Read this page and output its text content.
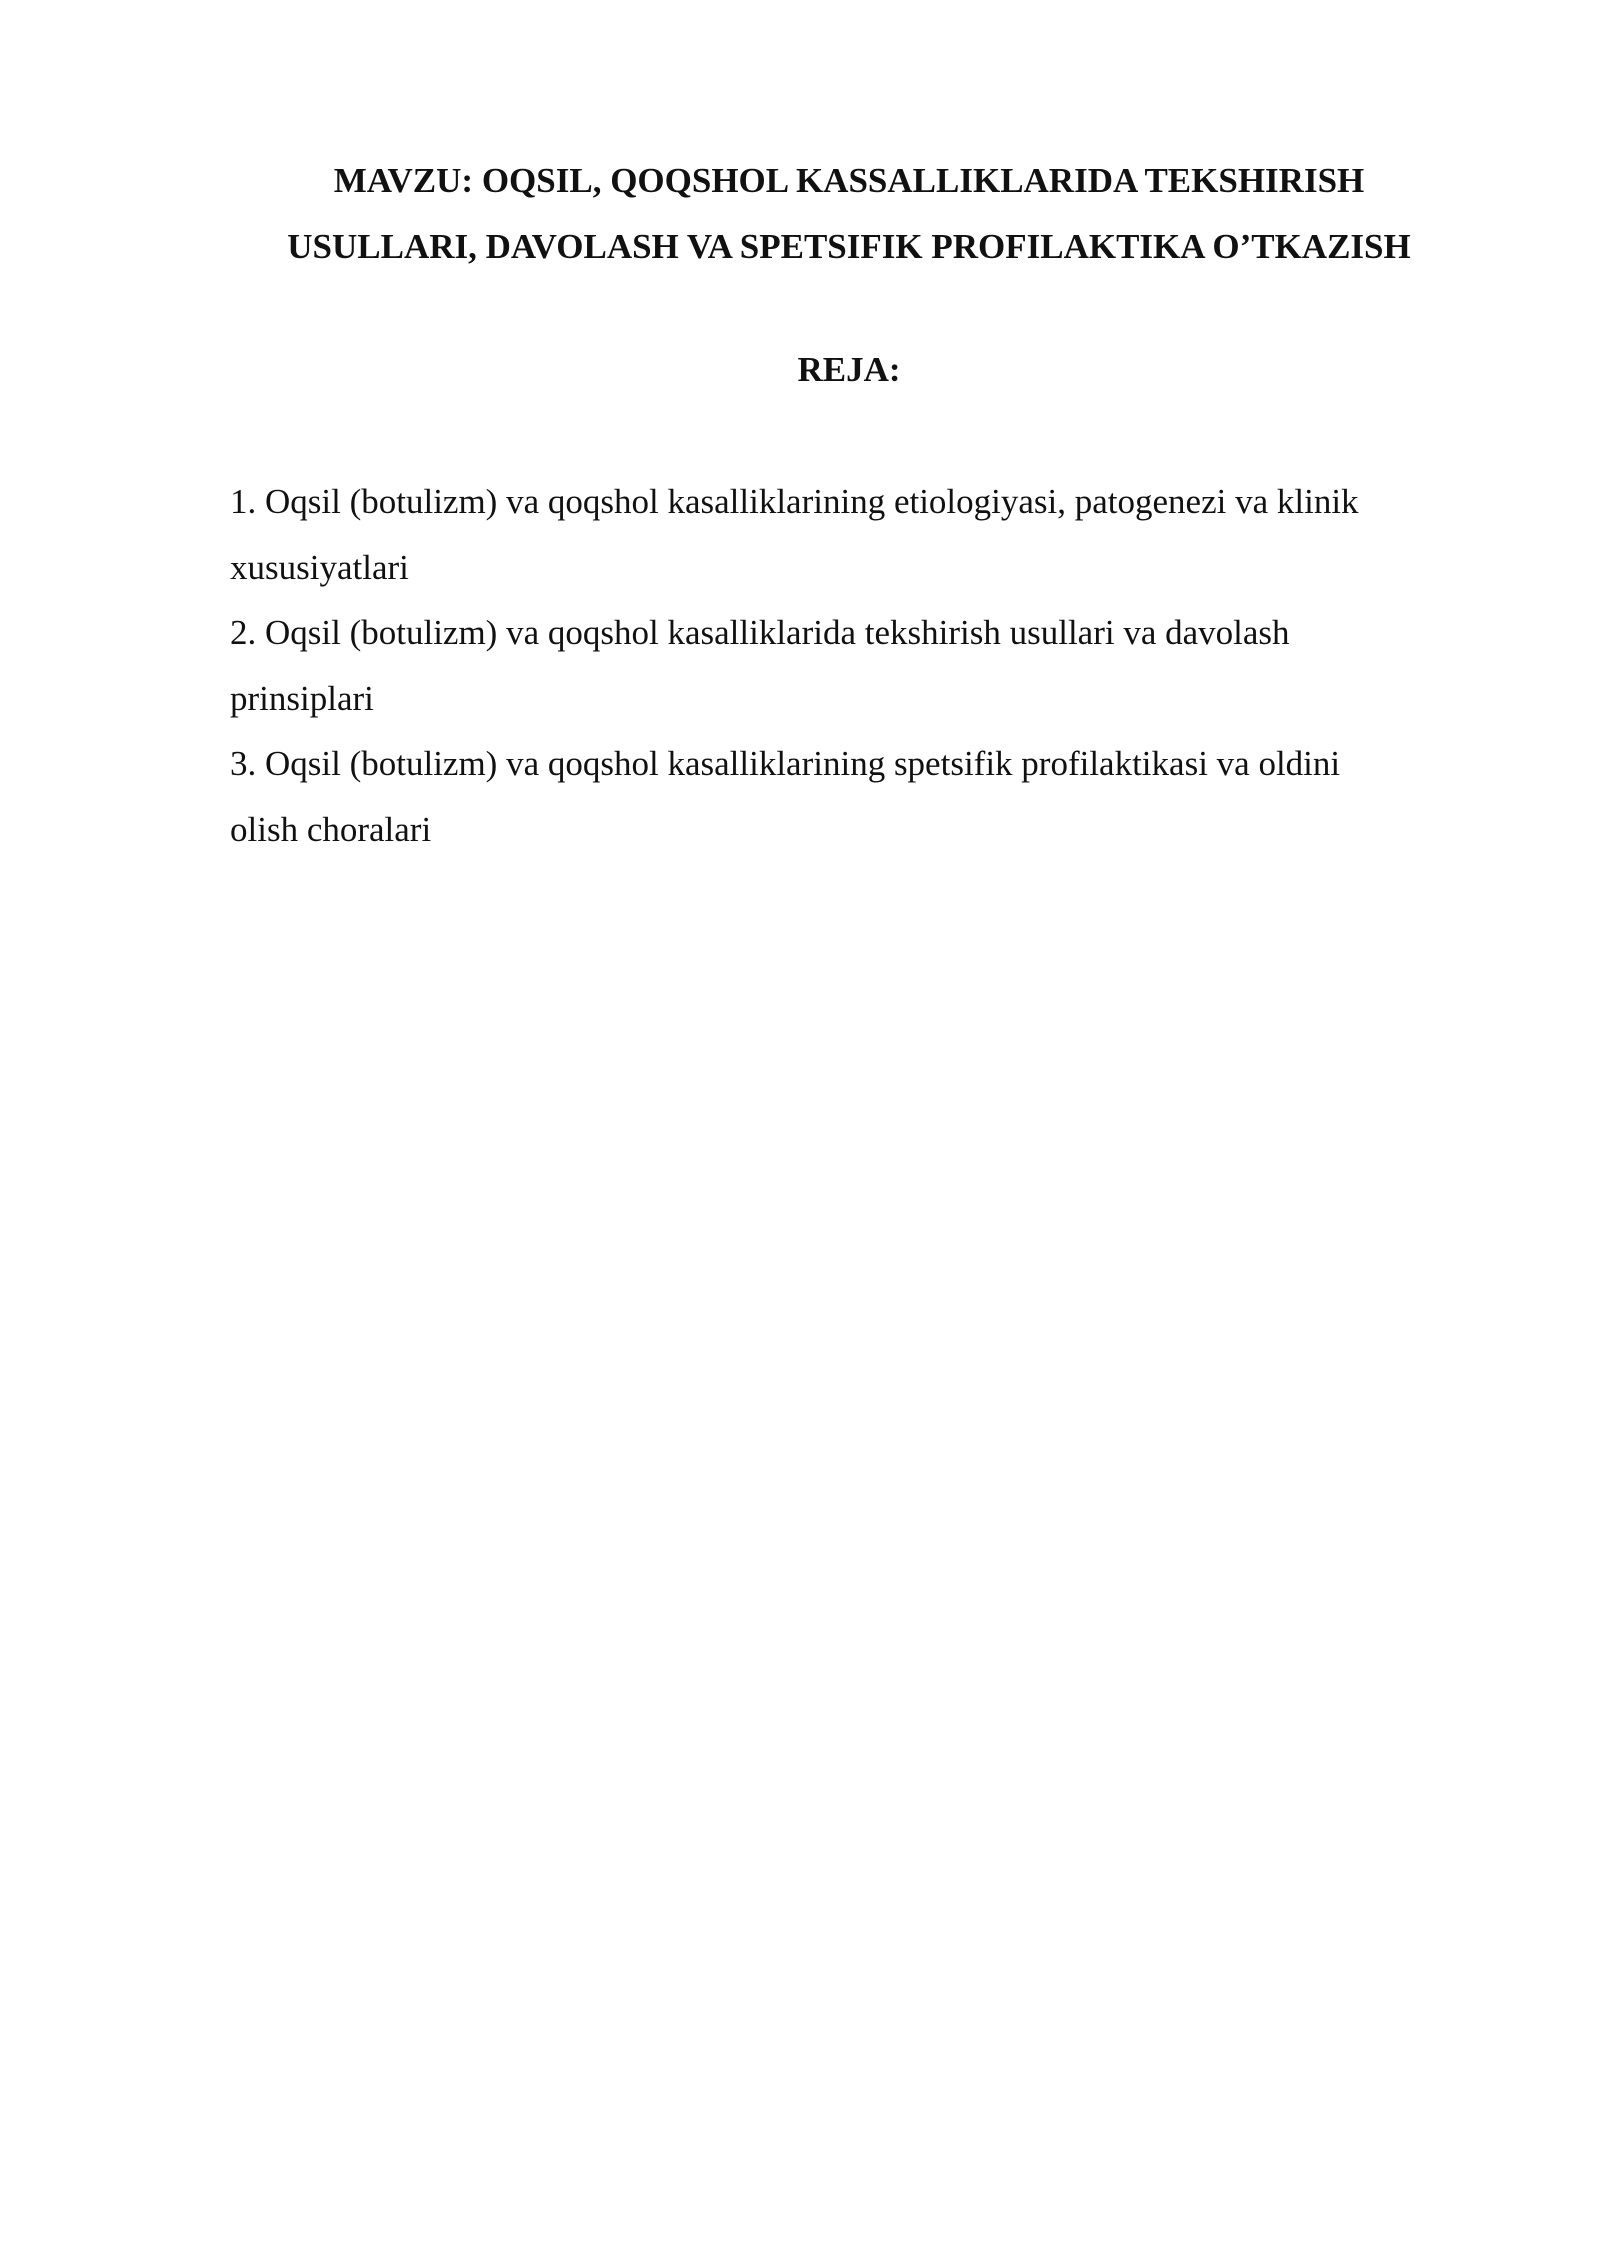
MAVZU: OQSIL, QOQSHOL KASSALLIKLARIDA TEKSHIRISH
USULLARI, DAVOLASH VA SPETSIFIK PROFILAKTIKA O’TKAZISH
REJA:
1. Oqsil (botulizm) va qoqshol kasalliklarining etiologiyasi, patogenezi va klinik
xususiyatlari
2. Oqsil (botulizm) va qoqshol kasalliklarida tekshirish usullari va davolash
prinsiplari
3. Oqsil (botulizm) va qoqshol kasalliklarining spetsifik profilaktikasi va oldini
olish choralari
